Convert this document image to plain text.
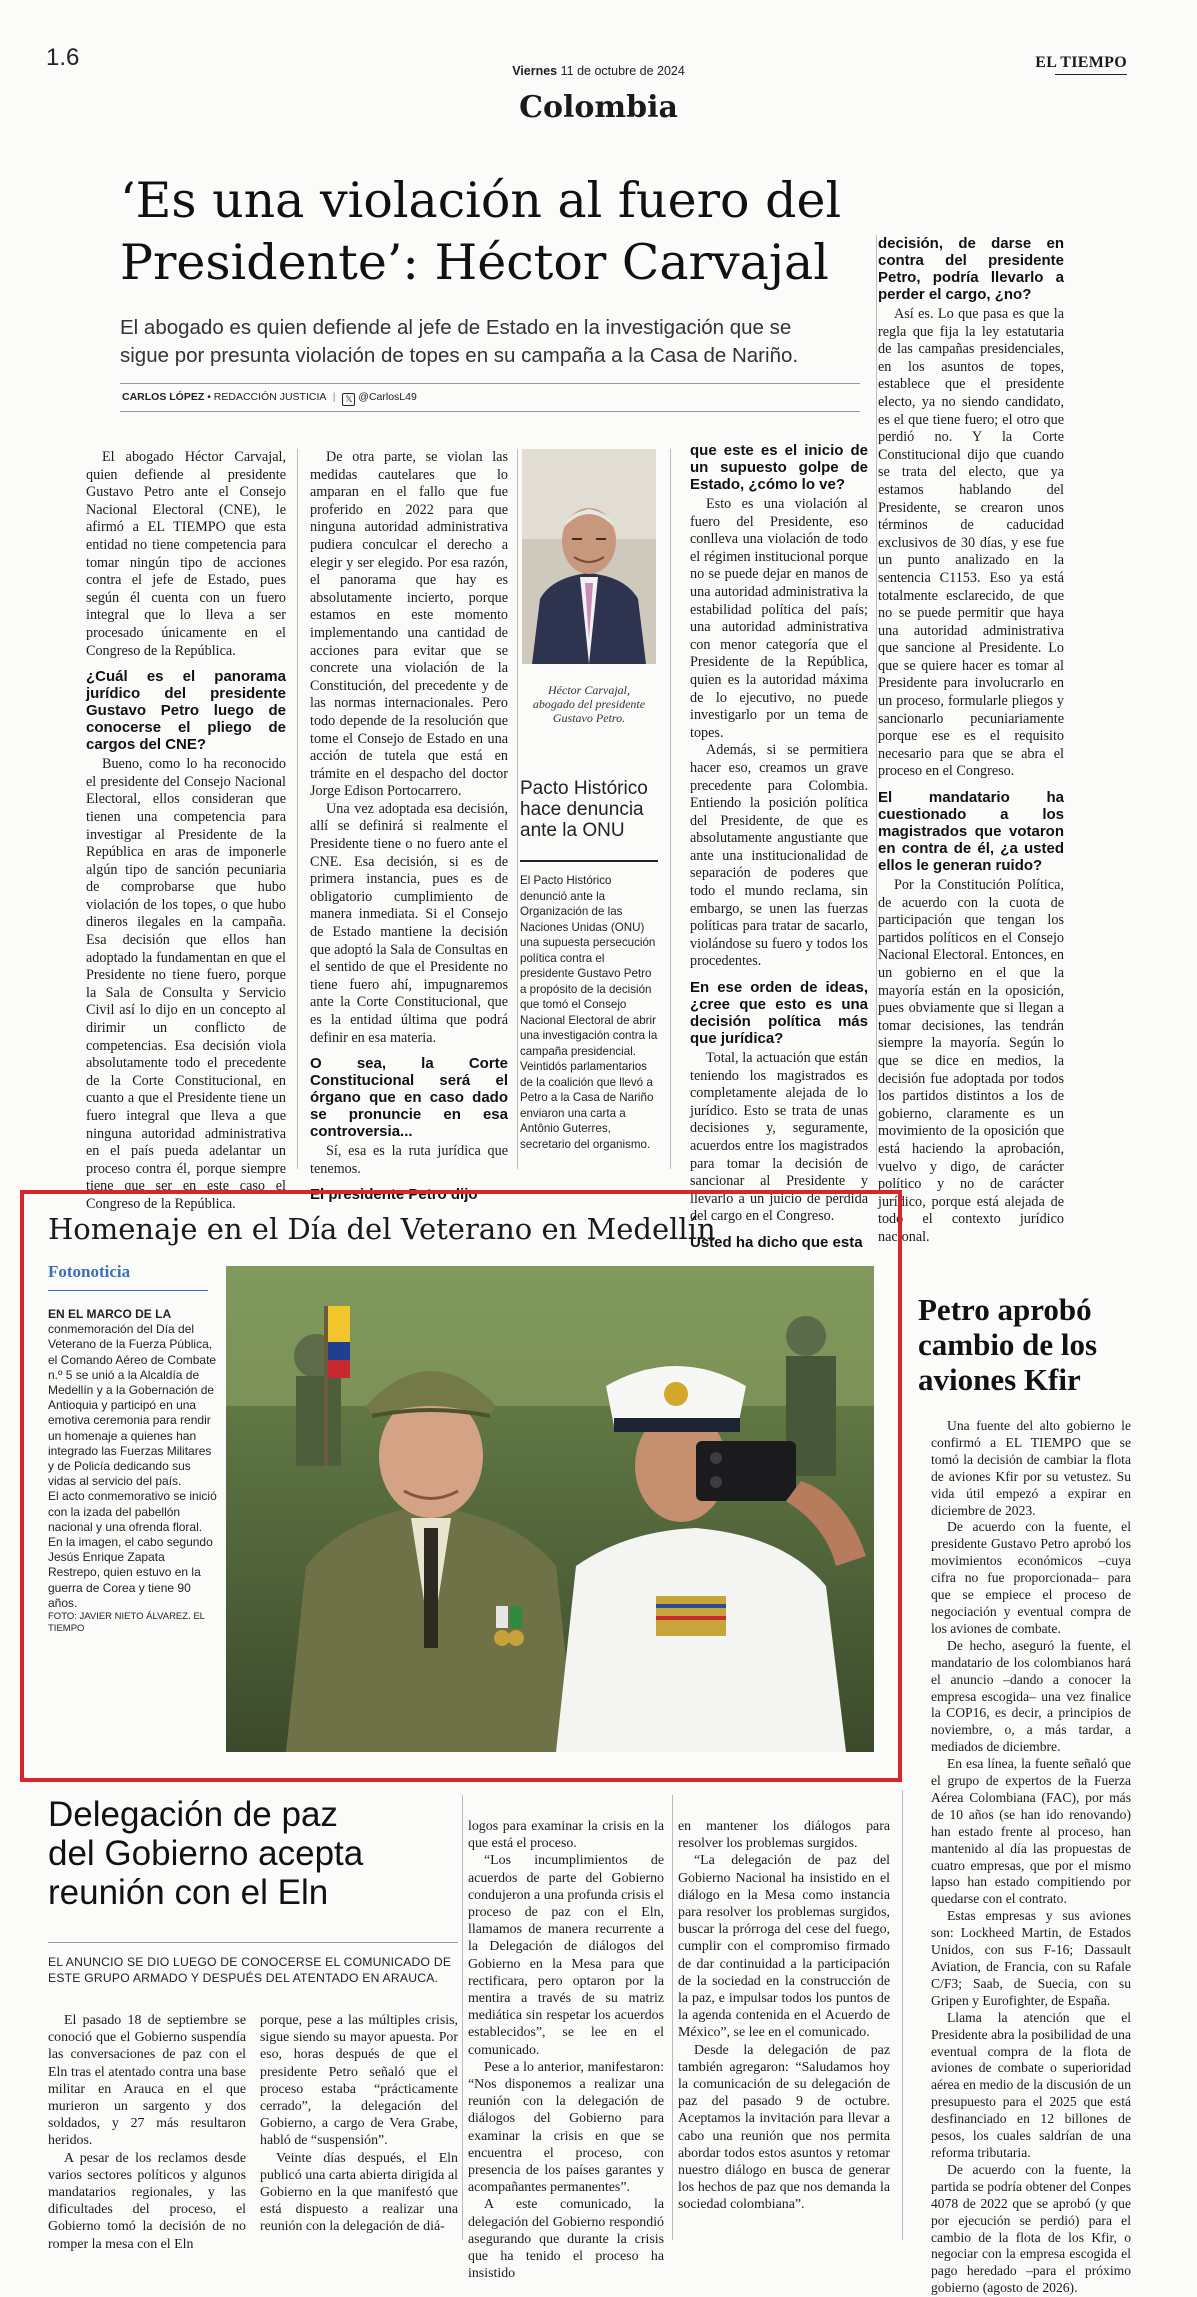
1.6	Viernes 11 de octubre de 2024	EL TIEMPO
Colombia
‘Es una violación al fuero del
Presidente’: Héctor Carvajal
El abogado es quien defiende al jefe de Estado en la investigación que se
sigue por presunta violación de topes en su campaña a la Casa de Nariño.
CARLOS LÓPEZ • REDACCIÓN JUSTICIA | 𝕏 @CarlosL49

El abogado Héctor Carvajal, quien defiende al presidente Gustavo Petro ante el Consejo Nacional Electoral (CNE), le afirmó a EL TIEMPO que esta entidad no tiene competencia para tomar ningún tipo de acciones contra el jefe de Estado, pues según él cuenta con un fuero integral que lo lleva a ser procesado únicamente en el Congreso de la República.

¿Cuál es el panorama jurídico del presidente Gustavo Petro luego de conocerse el pliego de cargos del CNE?

Bueno, como lo ha reconocido el presidente del Consejo Nacional Electoral, ellos consideran que tienen una competencia para investigar al Presidente de la República en aras de imponerle algún tipo de sanción pecuniaria de comprobarse que hubo violación de los topes, o que hubo dineros ilegales en la campaña. Esa decisión que ellos han adoptado la fundamentan en que el Presidente no tiene fuero, porque la Sala de Consulta y Servicio Civil así lo dijo en un concepto al dirimir un conflicto de competencias. Esa decisión viola absolutamente todo el precedente de la Corte Constitucional, en cuanto a que el Presidente tiene un fuero integral que lleva a que ninguna autoridad administrativa en el país pueda adelantar un proceso contra él, porque siempre tiene que ser en este caso el Congreso de la República.

De otra parte, se violan las medidas cautelares que lo amparan en el fallo que fue proferido en 2022 para que ninguna autoridad administrativa pudiera conculcar el derecho a elegir y ser elegido. Por esa razón, el panorama que hay es absolutamente incierto, porque estamos en este momento implementando una cantidad de acciones para evitar que se concrete una violación de la Constitución, del precedente y de las normas internacionales. Pero todo depende de la resolución que tome el Consejo de Estado en una acción de tutela que está en trámite en el despacho del doctor Jorge Edison Portocarrero.

Una vez adoptada esa decisión, allí se definirá si realmente el Presidente tiene o no fuero ante el CNE. Esa decisión, si es de primera instancia, pues es de obligatorio cumplimiento de manera inmediata. Si el Consejo de Estado mantiene la decisión que adoptó la Sala de Consultas en el sentido de que el Presidente no tiene fuero ahí, impugnaremos ante la Corte Constitucional, que es la entidad última que podrá definir en esa materia.

O sea, la Corte Constitucional será el órgano que en caso dado se pronuncie en esa controversia...

Sí, esa es la ruta jurídica que tenemos.

El presidente Petro dijo
Héctor Carvajal, abogado del presidente Gustavo Petro.
Pacto Histórico hace denuncia ante la ONU
El Pacto Histórico denunció ante la Organización de las Naciones Unidas (ONU) una supuesta persecución política contra el presidente Gustavo Petro a propósito de la decisión que tomó el Consejo Nacional Electoral de abrir una investigación contra la campaña presidencial. Veintidós parlamentarios de la coalición que llevó a Petro a la Casa de Nariño enviaron una carta a Antônio Guterres, secretario del organismo.
que este es el inicio de un supuesto golpe de Estado, ¿cómo lo ve?

Esto es una violación al fuero del Presidente, eso conlleva una violación de todo el régimen institucional porque no se puede dejar en manos de una autoridad administrativa la estabilidad política del país; una autoridad administrativa con menor categoría que el Presidente de la República, quien es la autoridad máxima de lo ejecutivo, no puede investigarlo por un tema de topes.

Además, si se permitiera hacer eso, creamos un grave precedente para Colombia. Entiendo la posición política del Presidente, de que es absolutamente angustiante que ante una institucionalidad de separación de poderes que todo el mundo reclama, sin embargo, se unen las fuerzas políticas para tratar de sacarlo, violándose su fuero y todos los procedentes.

En ese orden de ideas, ¿cree que esto es una decisión política más que jurídica?

Total, la actuación que están teniendo los magistrados es completamente alejada de lo jurídico. Esto se trata de unas decisiones y, seguramente, acuerdos entre los magistrados para tomar la decisión de sancionar al Presidente y llevarlo a un juicio de pérdida del cargo en el Congreso.

Usted ha dicho que esta
decisión, de darse en contra del presidente Petro, podría llevarlo a perder el cargo, ¿no?

Así es. Lo que pasa es que la regla que fija la ley estatutaria de las campañas presidenciales, en los asuntos de topes, establece que el presidente electo, ya no siendo candidato, es el que tiene fuero; el otro que perdió no. Y la Corte Constitucional dijo que cuando se trata del electo, que ya estamos hablando del Presidente, se crearon unos términos de caducidad exclusivos de 30 días, y ese fue un punto analizado en la sentencia C1153. Eso ya está totalmente esclarecido, de que no se puede permitir que haya una autoridad administrativa que sancione al Presidente. Lo que se quiere hacer es tomar al Presidente para involucrarlo en un proceso, formularle pliegos y sancionarlo pecuniariamente porque ese es el requisito necesario para que se abra el proceso en el Congreso.

El mandatario ha cuestionado a los magistrados que votaron en contra de él, ¿a usted ellos le generan ruido?

Por la Constitución Política, de acuerdo con la cuota de participación que tengan los partidos políticos en el Consejo Nacional Electoral. Entonces, en un gobierno en el que la mayoría están en la oposición, pues obviamente que si llegan a tomar decisiones, las tendrán siempre la mayoría. Según lo que se dice en medios, la decisión fue adoptada por todos los partidos distintos a los de gobierno, claramente es un movimiento de la oposición que está haciendo la aprobación, vuelvo y digo, de carácter político y no de carácter jurídico, porque está alejada de todo el contexto jurídico nacional.

Homenaje en el Día del Veterano en Medellín
Fotonoticia
EN EL MARCO DE LA conmemoración del Día del Veterano de la Fuerza Pública, el Comando Aéreo de Combate n.º 5 se unió a la Alcaldía de Medellín y a la Gobernación de Antioquia y participó en una emotiva ceremonia para rendir un homenaje a quienes han integrado las Fuerzas Militares y de Policía dedicando sus vidas al servicio del país.
El acto conmemorativo se inició con la izada del pabellón nacional y una ofrenda floral. En la imagen, el cabo segundo Jesús Enrique Zapata Restrepo, quien estuvo en la guerra de Corea y tiene 90 años.
FOTO: JAVIER NIETO ÁLVAREZ. EL TIEMPO
Petro aprobó cambio de los aviones Kfir

Una fuente del alto gobierno le confirmó a EL TIEMPO que se tomó la decisión de cambiar la flota de aviones Kfir por su vetustez. Su vida útil empezó a expirar en diciembre de 2023.

De acuerdo con la fuente, el presidente Gustavo Petro aprobó los movimientos económicos –cuya cifra no fue proporcionada– para que se empiece el proceso de negociación y eventual compra de los aviones de combate.

De hecho, aseguró la fuente, el mandatario de los colombianos hará el anuncio –dando a conocer la empresa escogida– una vez finalice la COP16, es decir, a principios de noviembre, o, a más tardar, a mediados de diciembre.

En esa línea, la fuente señaló que el grupo de expertos de la Fuerza Aérea Colombiana (FAC), por más de 10 años (se han ido renovando) han estado frente al proceso, han mantenido al día las propuestas de cuatro empresas, que por el mismo lapso han estado compitiendo por quedarse con el contrato.

Estas empresas y sus aviones son: Lockheed Martin, de Estados Unidos, con sus F-16; Dassault Aviation, de Francia, con su Rafale C/F3; Saab, de Suecia, con su Gripen y Eurofighter, de España.

Llama la atención que el Presidente abra la posibilidad de una eventual compra de la flota de aviones de combate o superioridad aérea en medio de la discusión de un presupuesto para el 2025 que está desfinanciado en 12 billones de pesos, los cuales saldrían de una reforma tributaria.

De acuerdo con la fuente, la partida se podría obtener del Conpes 4078 de 2022 que se aprobó (y que por ejecución se perdió) para el cambio de la flota de los Kfir, o negociar con la empresa escogida el pago heredado –para el próximo gobierno (agosto de 2026).

Delegación de paz
del Gobierno acepta
reunión con el Eln
EL ANUNCIO SE DIO LUEGO DE CONOCERSE EL COMUNICADO DE ESTE GRUPO ARMADO Y DESPUÉS DEL ATENTADO EN ARAUCA.

El pasado 18 de septiembre se conoció que el Gobierno suspendía las conversaciones de paz con el Eln tras el atentado contra una base militar en Arauca en el que murieron un sargento y dos soldados, y 27 más resultaron heridos.

A pesar de los reclamos desde varios sectores políticos y algunos mandatarios regionales, y las dificultades del proceso, el Gobierno tomó la decisión de no romper la mesa con el Eln

porque, pese a las múltiples crisis, sigue siendo su mayor apuesta. Por eso, horas después de que el presidente Petro señaló que el proceso estaba “prácticamente cerrado”, la delegación del Gobierno, a cargo de Vera Grabe, habló de “suspensión”.

Veinte días después, el Eln publicó una carta abierta dirigida al Gobierno en la que manifestó que está dispuesto a realizar una reunión con la delegación de diá-

logos para examinar la crisis en la que está el proceso.

“Los incumplimientos de acuerdos de parte del Gobierno condujeron a una profunda crisis el proceso de paz con el Eln, llamamos de manera recurrente a la Delegación de diálogos del Gobierno en la Mesa para que rectificara, pero optaron por la mentira a través de su matriz mediática sin respetar los acuerdos establecidos”, se lee en el comunicado.

Pese a lo anterior, manifestaron: “Nos disponemos a realizar una reunión con la delegación de diálogos del Gobierno para examinar la crisis en que se encuentra el proceso, con presencia de los países garantes y acompañantes permanentes”.

A este comunicado, la delegación del Gobierno respondió asegurando que durante la crisis que ha tenido el proceso ha insistido

en mantener los diálogos para resolver los problemas surgidos.

“La delegación de paz del Gobierno Nacional ha insistido en el diálogo en la Mesa como instancia para resolver los problemas surgidos, buscar la prórroga del cese del fuego, cumplir con el compromiso firmado de dar continuidad a la participación de la sociedad en la construcción de la paz, e impulsar todos los puntos de la agenda contenida en el Acuerdo de México”, se lee en el comunicado.

Desde la delegación de paz también agregaron: “Saludamos hoy la comunicación de su delegación de paz del pasado 9 de octubre. Aceptamos la invitación para llevar a cabo una reunión que nos permita abordar todos estos asuntos y retomar nuestro diálogo en busca de generar los hechos de paz que nos demanda la sociedad colombiana”.
